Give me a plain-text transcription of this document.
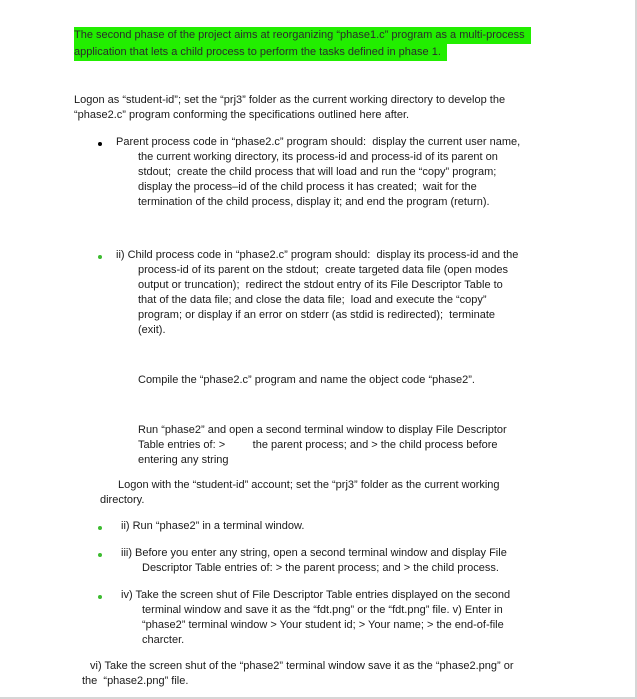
The second phase of the project aims at reorganizing “phase1.c” program as a multi-process
application that lets a child process to perform the tasks defined in phase 1.
Logon as “student-id”; set the “prj3” folder as the current working directory to develop the
“phase2.c” program conforming the specifications outlined here after.
Parent process code in “phase2.c” program should:  display the current user name,
the current working directory, its process-id and process-id of its parent on
stdout;  create the child process that will load and run the “copy” program;
display the process–id of the child process it has created;  wait for the
termination of the child process, display it; and end the program (return).
ii) Child process code in “phase2.c” program should:  display its process-id and the
process-id of its parent on the stdout;  create targeted data file (open modes
output or truncation);  redirect the stdout entry of its File Descriptor Table to
that of the data file; and close the data file;  load and execute the “copy”
program; or display if an error on stderr (as stdid is redirected);  terminate
(exit).
Compile the “phase2.c” program and name the object code “phase2”.
Run “phase2” and open a second terminal window to display File Descriptor
Table entries of: >         the parent process; and > the child process before
entering any string
Logon with the “student-id” account; set the “prj3” folder as the current working
directory.
ii) Run “phase2” in a terminal window.
iii) Before you enter any string, open a second terminal window and display File
Descriptor Table entries of: > the parent process; and > the child process.
iv) Take the screen shut of File Descriptor Table entries displayed on the second
terminal window and save it as the “fdt.png” or the “fdt.png” file. v) Enter in
“phase2” terminal window > Your student id; > Your name; > the end-of-file
charcter.
vi) Take the screen shut of the “phase2” terminal window save it as the “phase2.png” or
the  “phase2.png” file.
